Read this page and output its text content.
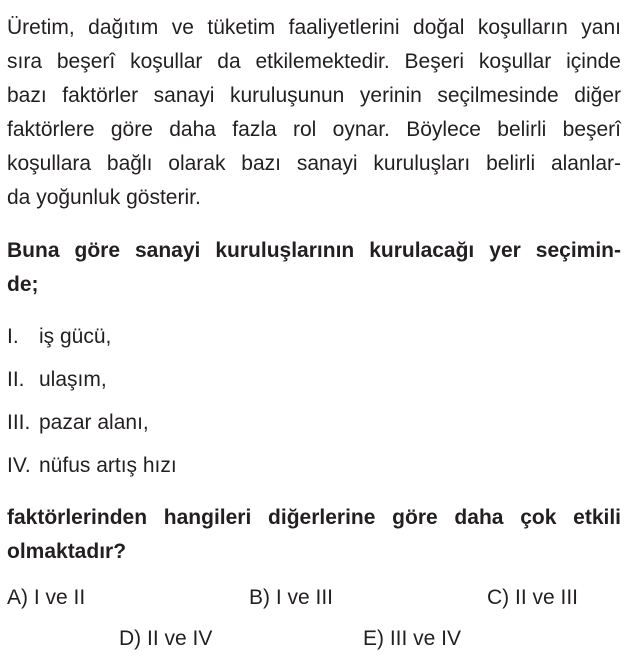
Üretim, dağıtım ve tüketim faaliyetlerini doğal koşulların yanı
sıra beşerî koşullar da etkilemektedir. Beşeri koşullar içinde
bazı faktörler sanayi kuruluşunun yerinin seçilmesinde diğer
faktörlere göre daha fazla rol oynar. Böylece belirli beşerî
koşullara bağlı olarak bazı sanayi kuruluşları belirli alanlar-
da yoğunluk gösterir.
Buna göre sanayi kuruluşlarının kurulacağı yer seçimin-
de;
I. iş gücü,
II. ulaşım,
III. pazar alanı,
IV. nüfus artış hızı
faktörlerinden hangileri diğerlerine göre daha çok etkili
olmaktadır?
A) I ve II	B) I ve III	C) II ve III
D) II ve IV	E) III ve IV
